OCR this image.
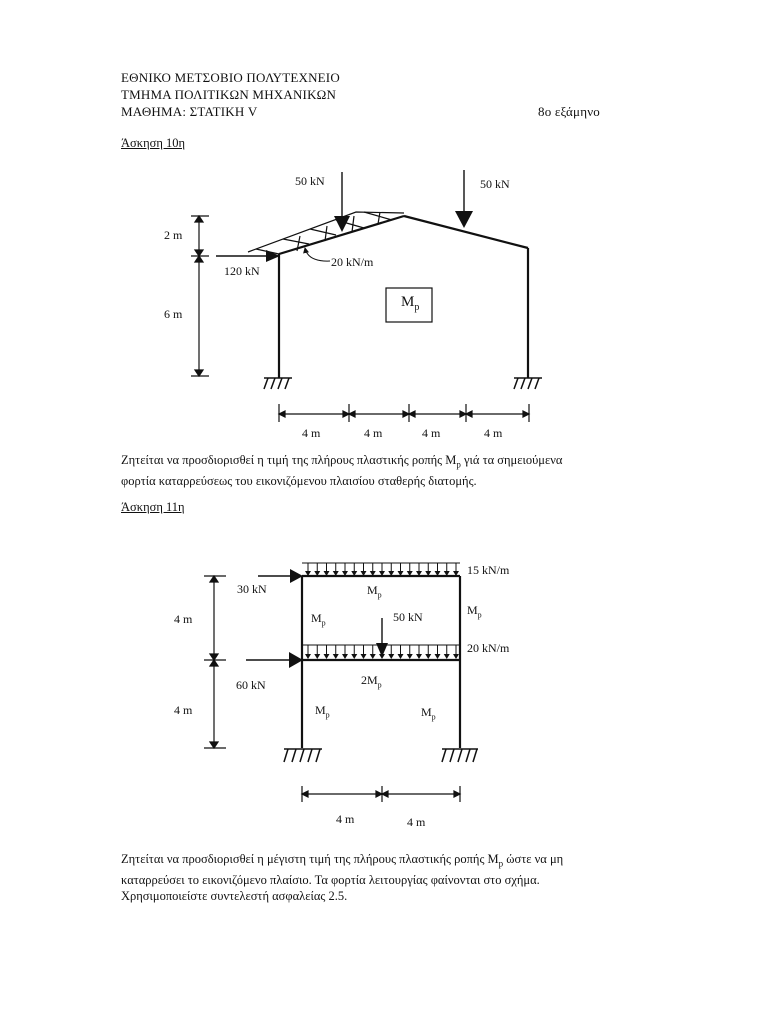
ΕΘΝΙΚΟ ΜΕΤΣΟΒΙΟ ΠΟΛΥΤΕΧΝΕΙΟ
ΤΜΗΜΑ ΠΟΛΙΤΙΚΩΝ ΜΗΧΑΝΙΚΩΝ
ΜΑΘΗΜΑ: ΣΤΑΤΙΚΗ V	8ο εξάμηνο
Άσκηση 10η
50 kN	50 kN
20 kN/m
120 kN
2 m
6 m
$M_p$
4 m	4 m	4 m	4 m

Ζητείται να προσδιορισθεί η τιμή της πλήρους πλαστικής ροπής $M_p$ γιά τα σημειούμενα

φορτία καταρρεύσεως του εικονιζόμενου πλαισίου σταθερής διατομής.

Άσκηση 11η
30 kN
15 kN/m
50 kN
20 kN/m
60 kN
4 m
4 m
4 m	4 m
$M_p$
$M_p$
$M_p$
$2M_p$
$M_p$	$M_p$

Ζητείται να προσδιορισθεί η μέγιστη τιμή της πλήρους πλαστικής ροπής $M_p$ ώστε να μη

καταρρεύσει το εικονιζόμενο πλαίσιο. Τα φορτία λειτουργίας φαίνονται στο σχήμα.

Χρησιμοποιείστε συντελεστή ασφαλείας 2.5.
